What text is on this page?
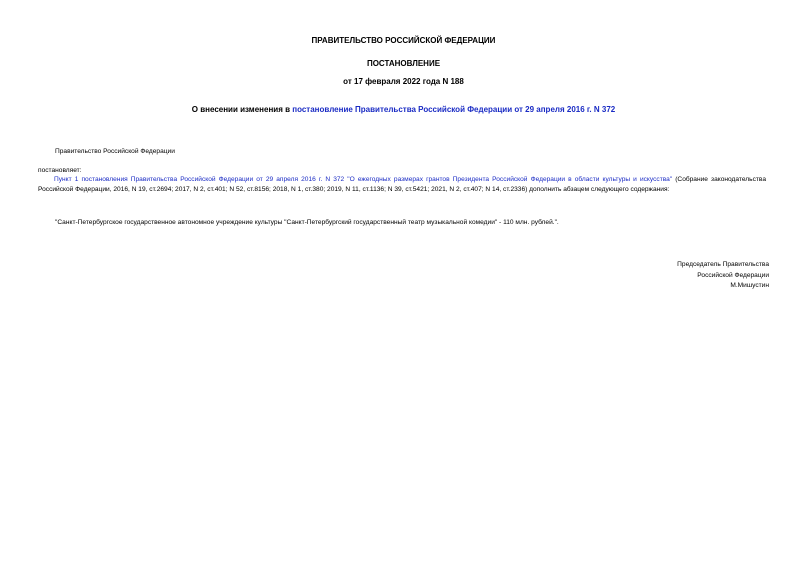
ПРАВИТЕЛЬСТВО РОССИЙСКОЙ ФЕДЕРАЦИИ
ПОСТАНОВЛЕНИЕ
от 17 февраля 2022 года N 188
О внесении изменения в постановление Правительства Российской Федерации от 29 апреля 2016 г. N 372
Правительство Российской Федерации
постановляет:
Пункт 1 постановления Правительства Российской Федерации от 29 апреля 2016 г. N 372 "О ежегодных размерах грантов Президента Российской Федерации в области культуры и искусства" (Собрание законодательства Российской Федерации, 2016, N 19, ст.2694; 2017, N 2, ст.401; N 52, ст.8156; 2018, N 1, ст.380; 2019, N 11, ст.1136; N 39, ст.5421; 2021, N 2, ст.407; N 14, ст.2336) дополнить абзацем следующего содержания:
"Санкт-Петербургское государственное автономное учреждение культуры "Санкт-Петербургский государственный театр музыкальной комедии" - 110 млн. рублей.".
Председатель Правительства
Российской Федерации
М.Мишустин
